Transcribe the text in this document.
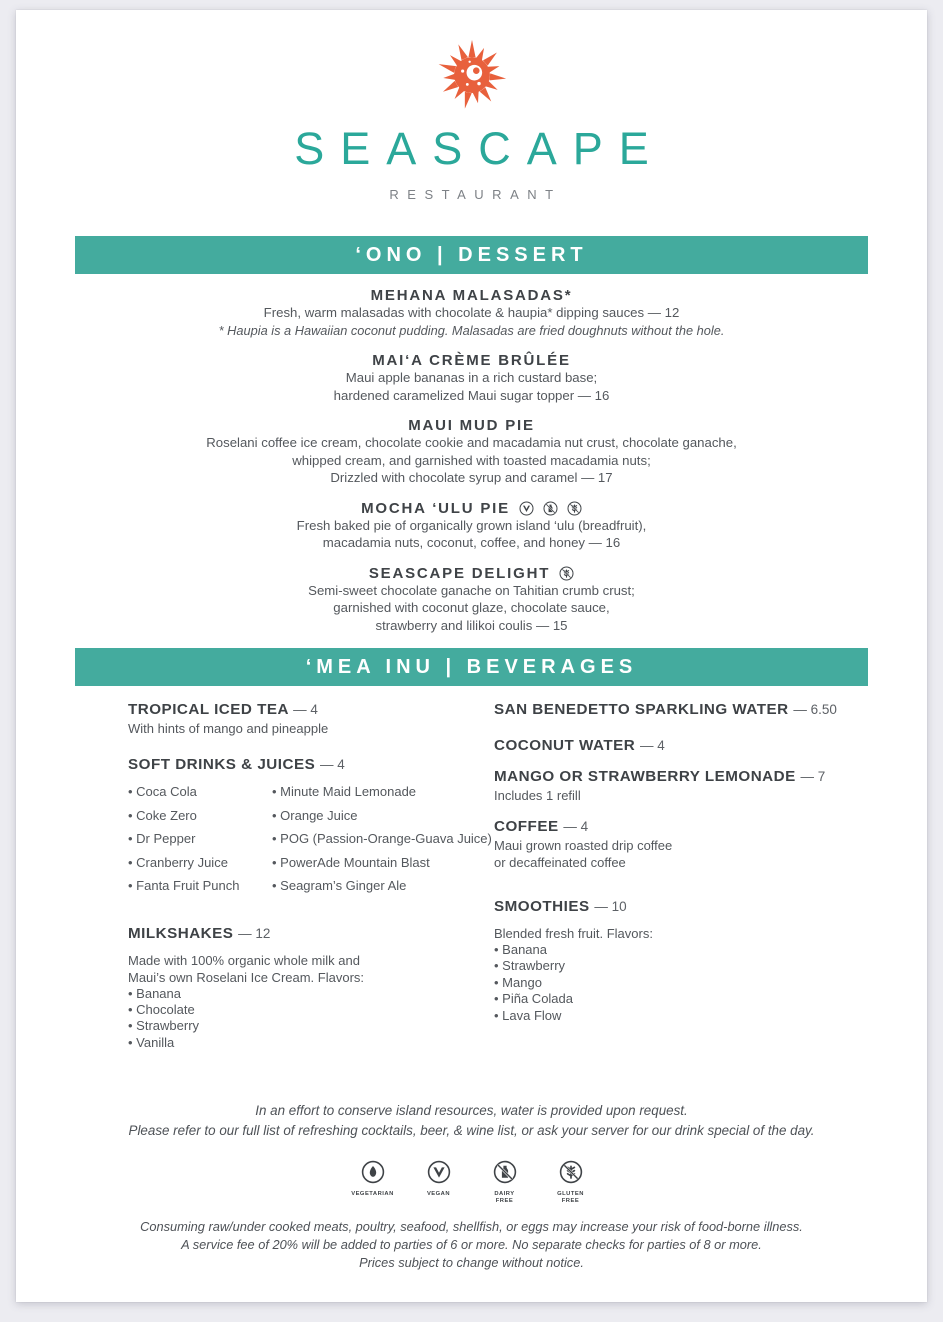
SEASCAPE
RESTAURANT
‘ONO | DESSERT
MEHANA MALASADAS*
Fresh, warm malasadas with chocolate & haupia* dipping sauces — 12
* Haupia is a Hawaiian coconut pudding. Malasadas are fried doughnuts without the hole.
MAI‘A CRÈME BRÛLÉE
Maui apple bananas in a rich custard base;
hardened caramelized Maui sugar topper — 16
MAUI MUD PIE
Roselani coffee ice cream, chocolate cookie and macadamia nut crust, chocolate ganache,
whipped cream, and garnished with toasted macadamia nuts;
Drizzled with chocolate syrup and caramel — 17
MOCHA ‘ULU PIE
Fresh baked pie of organically grown island ‘ulu (breadfruit),
macadamia nuts, coconut, coffee, and honey — 16
SEASCAPE DELIGHT
Semi-sweet chocolate ganache on Tahitian crumb crust;
garnished with coconut glaze, chocolate sauce,
strawberry and lilikoi coulis — 15
‘MEA INU | BEVERAGES
TROPICAL ICED TEA — 4
With hints of mango and pineapple
SOFT DRINKS & JUICES — 4
• Coca Cola
• Coke Zero
• Dr Pepper
• Cranberry Juice
• Fanta Fruit Punch
• Minute Maid Lemonade
• Orange Juice
• POG (Passion-Orange-Guava Juice)
• PowerAde Mountain Blast
• Seagram’s Ginger Ale
MILKSHAKES — 12
Made with 100% organic whole milk and
Maui’s own Roselani Ice Cream. Flavors:
• Banana
• Chocolate
• Strawberry
• Vanilla
SAN BENEDETTO SPARKLING WATER — 6.50
COCONUT WATER — 4
MANGO OR STRAWBERRY LEMONADE — 7
Includes 1 refill
COFFEE — 4
Maui grown roasted drip coffee
or decaffeinated coffee
SMOOTHIES — 10
Blended fresh fruit. Flavors:
• Banana
• Strawberry
• Mango
• Piña Colada
• Lava Flow
In an effort to conserve island resources, water is provided upon request.
Please refer to our full list of refreshing cocktails, beer, & wine list, or ask your server for our drink special of the day.
VEGETARIAN	VEGAN	DAIRY
FREE
GLUTEN
FREE
Consuming raw/under cooked meats, poultry, seafood, shellfish, or eggs may increase your risk of food-borne illness.
A service fee of 20% will be added to parties of 6 or more. No separate checks for parties of 8 or more.
Prices subject to change without notice.
